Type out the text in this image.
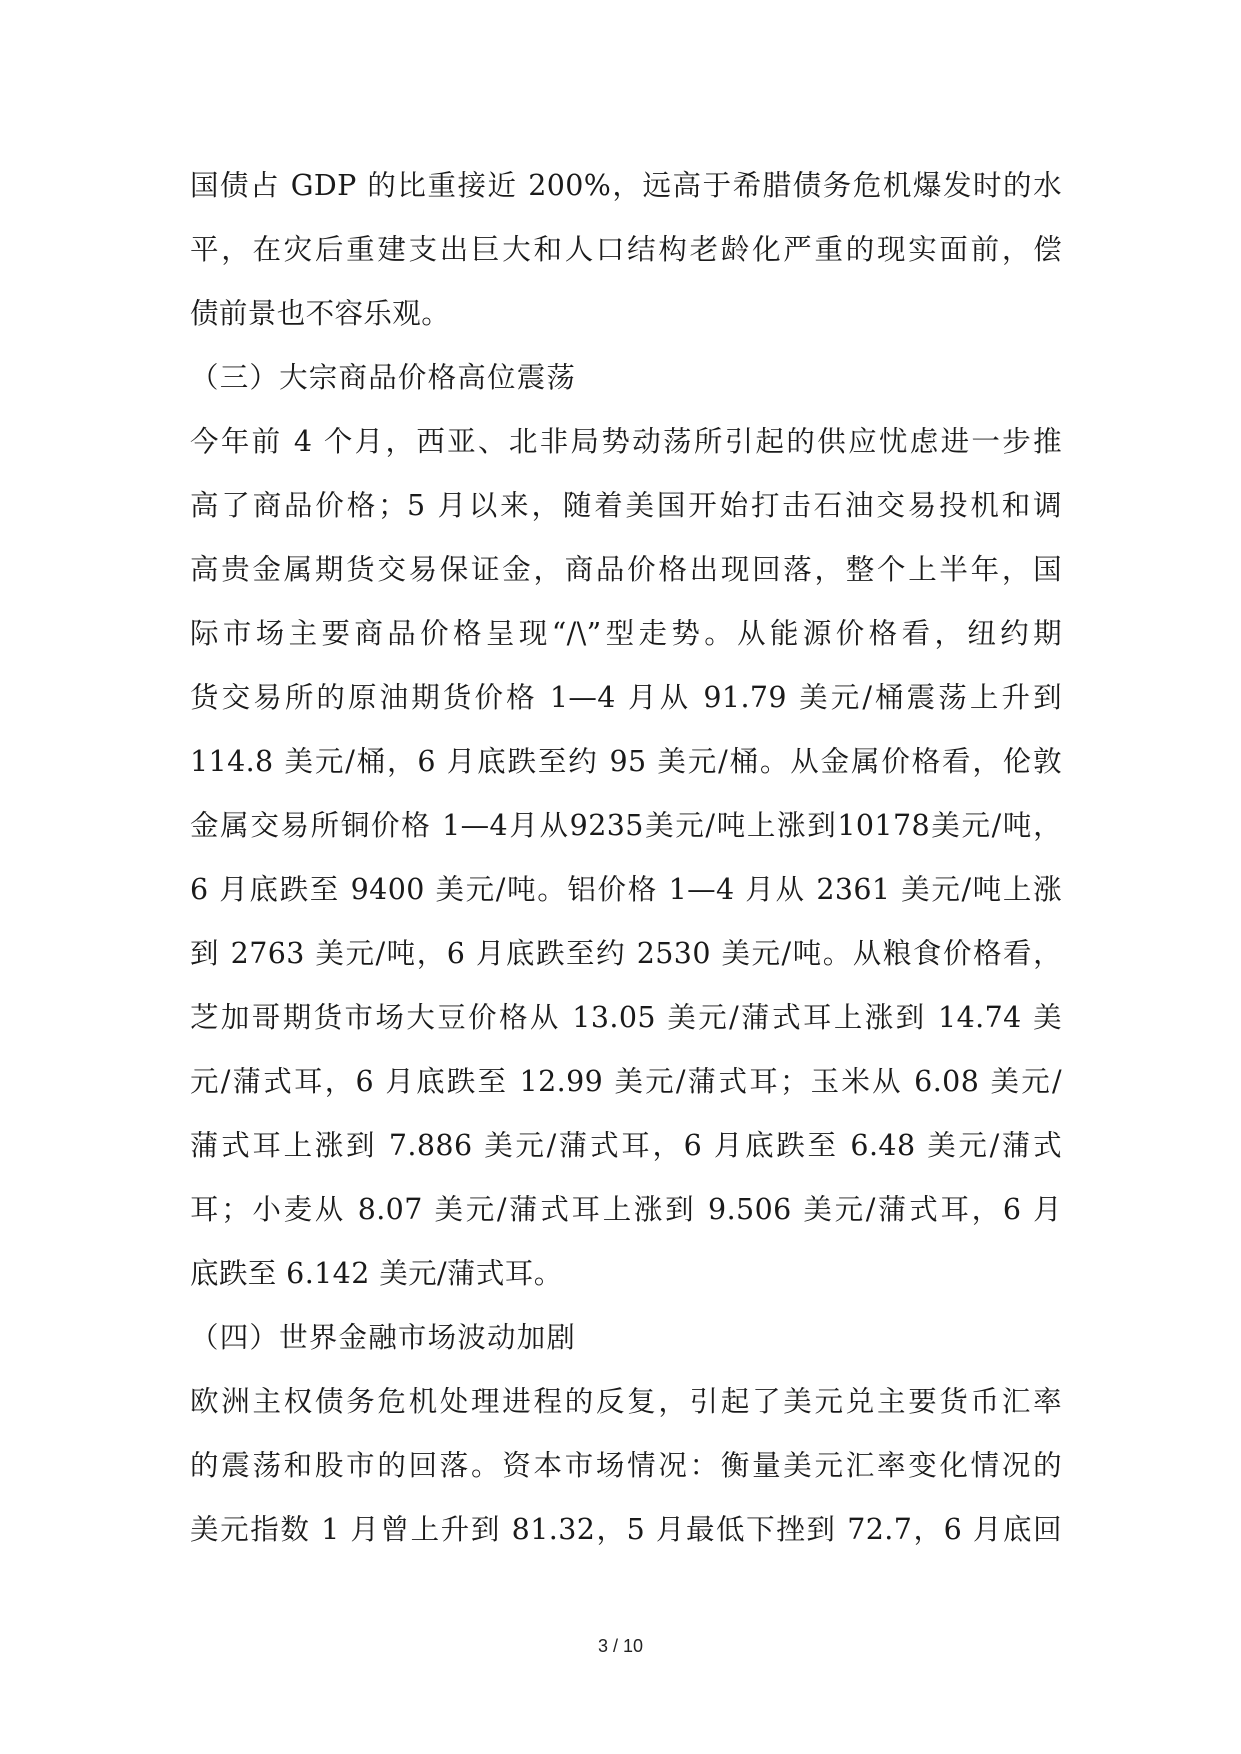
国债占 GDP 的比重接近 200%，远高于希腊债务危机爆发时的水
平，在灾后重建支出巨大和人口结构老龄化严重的现实面前，偿
债前景也不容乐观。
（三）大宗商品价格高位震荡
今年前 4 个月，西亚、北非局势动荡所引起的供应忧虑进一步推
高了商品价格；5 月以来，随着美国开始打击石油交易投机和调
高贵金属期货交易保证金，商品价格出现回落，整个上半年，国
际市场主要商品价格呈现“/\”型走势。从能源价格看，纽约期
货交易所的原油期货价格 1—4 月从 91.79 美元/桶震荡上升到
114.8 美元/桶，6 月底跌至约 95 美元/桶。从金属价格看，伦敦
金属交易所铜价格 1—4月从9235美元/吨上涨到10178美元/吨，
6 月底跌至 9400 美元/吨。铝价格 1—4 月从 2361 美元/吨上涨
到 2763 美元/吨，6 月底跌至约 2530 美元/吨。从粮食价格看，
芝加哥期货市场大豆价格从 13.05 美元/蒲式耳上涨到 14.74 美
元/蒲式耳，6 月底跌至 12.99 美元/蒲式耳；玉米从 6.08 美元/
蒲式耳上涨到 7.886 美元/蒲式耳，6 月底跌至 6.48 美元/蒲式
耳；小麦从 8.07 美元/蒲式耳上涨到 9.506 美元/蒲式耳，6 月
底跌至 6.142 美元/蒲式耳。
（四）世界金融市场波动加剧
欧洲主权债务危机处理进程的反复，引起了美元兑主要货币汇率
的震荡和股市的回落。资本市场情况：衡量美元汇率变化情况的
美元指数 1 月曾上升到 81.32，5 月最低下挫到 72.7，6 月底回
3 / 10
